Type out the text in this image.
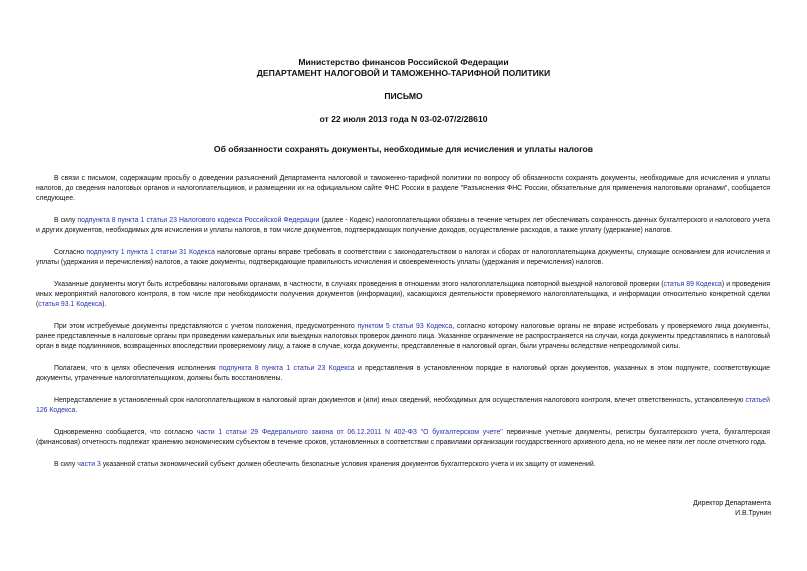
Министерство финансов Российской Федерации
ДЕПАРТАМЕНТ НАЛОГОВОЙ И ТАМОЖЕННО-ТАРИФНОЙ ПОЛИТИКИ
ПИСЬМО
от 22 июля 2013 года N 03-02-07/2/28610
Об обязанности сохранять документы, необходимые для исчисления и уплаты налогов

В связи с письмом, содержащим просьбу о доведении разъяснений Департамента налоговой и таможенно-тарифной политики по вопросу об обязанности сохранять документы, необходимые для исчисления и уплаты налогов, до сведения налоговых органов и налогоплательщиков, и размещении их на официальном сайте ФНС России в разделе "Разъяснения ФНС России, обязательные для применения налоговыми органами", сообщается следующее.

В силу подпункта 8 пункта 1 статьи 23 Налогового кодекса Российской Федерации (далее - Кодекс) налогоплательщики обязаны в течение четырех лет обеспечивать сохранность данных бухгалтерского и налогового учета и других документов, необходимых для исчисления и уплаты налогов, в том числе документов, подтверждающих получение доходов, осуществление расходов, а также уплату (удержание) налогов.

Согласно подпункту 1 пункта 1 статьи 31 Кодекса налоговые органы вправе требовать в соответствии с законодательством о налогах и сборах от налогоплательщика документы, служащие основанием для исчисления и уплаты (удержания и перечисления) налогов, а также документы, подтверждающие правильность исчисления и своевременность уплаты (удержания и перечисления) налогов.

Указанные документы могут быть истребованы налоговыми органами, в частности, в случаях проведения в отношении этого налогоплательщика повторной выездной налоговой проверки (статья 89 Кодекса) и проведения иных мероприятий налогового контроля, в том числе при необходимости получения документов (информации), касающихся деятельности проверяемого налогоплательщика, и информации относительно конкретной сделки (статья 93.1 Кодекса).

При этом истребуемые документы представляются с учетом положения, предусмотренного пунктом 5 статьи 93 Кодекса, согласно которому налоговые органы не вправе истребовать у проверяемого лица документы, ранее представленные в налоговые органы при проведении камеральных или выездных налоговых проверок данного лица. Указанное ограничение не распространяется на случаи, когда документы представлялись в налоговый орган в виде подлинников, возвращенных впоследствии проверяемому лицу, а также в случае, когда документы, представленные в налоговый орган, были утрачены вследствие непреодолимой силы.

Полагаем, что в целях обеспечения исполнения подпункта 8 пункта 1 статьи 23 Кодекса и представления в установленном порядке в налоговый орган документов, указанных в этом подпункте, соответствующие документы, утраченные налогоплательщиком, должны быть восстановлены.

Непредставление в установленный срок налогоплательщиком в налоговый орган документов и (или) иных сведений, необходимых для осуществления налогового контроля, влечет ответственность, установленную статьей 126 Кодекса.

Одновременно сообщается, что согласно части 1 статьи 29 Федерального закона от 06.12.2011 N 402-ФЗ "О бухгалтерском учете" первичные учетные документы, регистры бухгалтерского учета, бухгалтерская (финансовая) отчетность подлежат хранению экономическим субъектом в течение сроков, установленных в соответствии с правилами организации государственного архивного дела, но не менее пяти лет после отчетного года.

В силу части 3 указанной статьи экономический субъект должен обеспечить безопасные условия хранения документов бухгалтерского учета и их защиту от изменений.

Директор Департамента
И.В.Трунин
